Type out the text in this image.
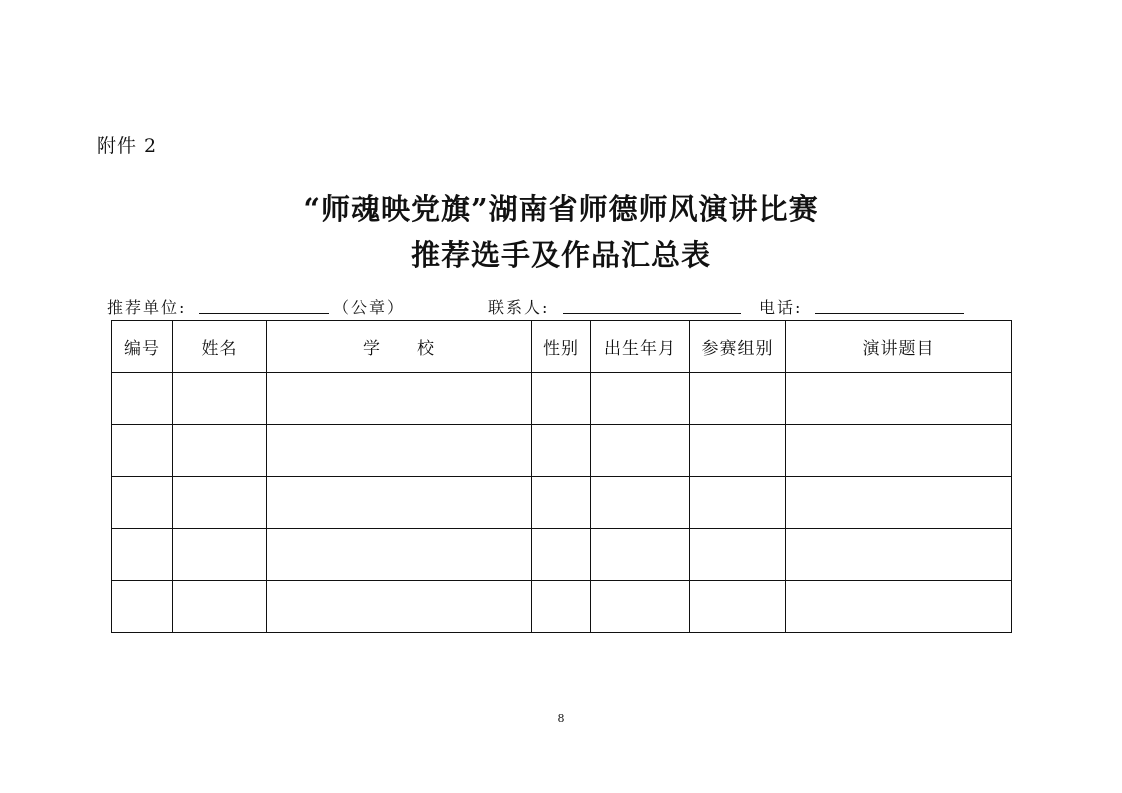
附件 2
“师魂映党旗”湖南省师德师风演讲比赛
推荐选手及作品汇总表
推荐单位:	（公章）	联系人:	电话:
编号	姓名	学　　校	性别	出生年月	参赛组别	演讲题目

8
